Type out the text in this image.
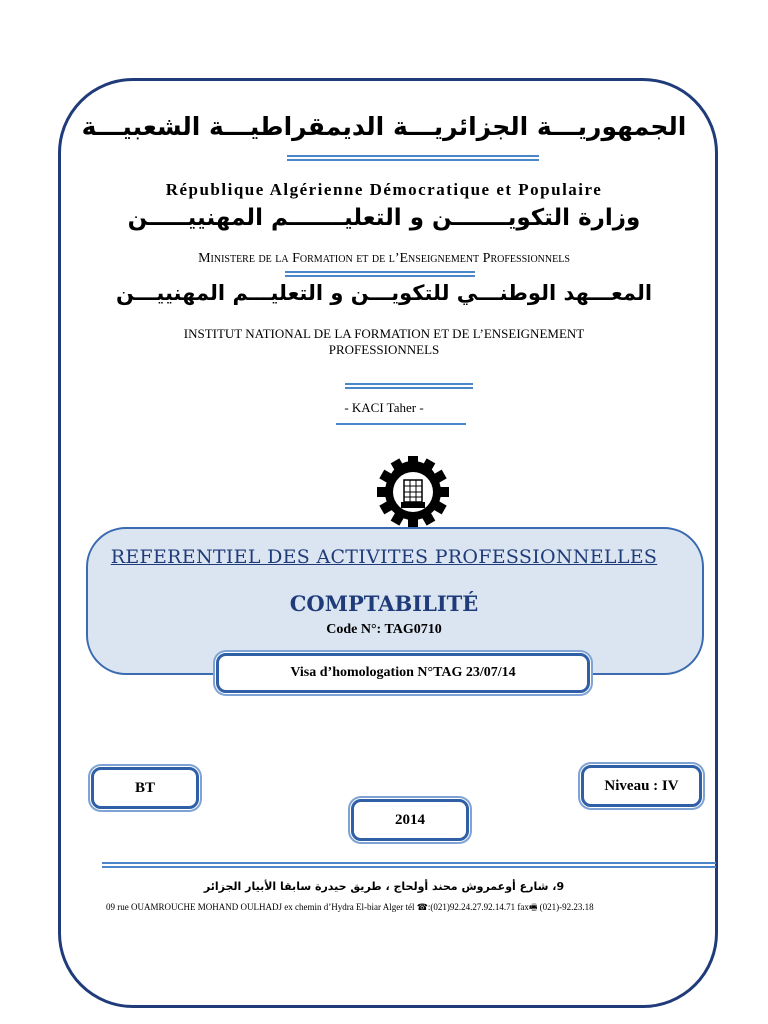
الجمهوريـــة الجزائريـــة الديمقراطيـــة الشعبيـــة
République Algérienne Démocratique et Populaire
وزارة التكويـــــــن و التعليـــــــم المهنييـــــن
Ministere de la Formation et de l’Enseignement Professionnels
المعـــهد الوطنـــي للتكويـــن و التعليـــم المهنييـــن
INSTITUT NATIONAL DE LA FORMATION ET DE L’ENSEIGNEMENT
PROFESSIONNELS
- KACI Taher -
REFERENTIEL DES ACTIVITES PROFESSIONNELLES
COMPTABILITÉ
Code N°: TAG0710
Visa d’homologation N°TAG 23/07/14
BT	Niveau : IV
2014
9، شارع أوعمروش محند أولحاج ، طريق حيدرة سابقا الأبيار الجزائر
09 rue OUAMROUCHE MOHAND OULHADJ ex chemin d’Hydra El-biar Alger tél ☎:(021)92.24.27.92.14.71 fax🖷 (021)-92.23.18
